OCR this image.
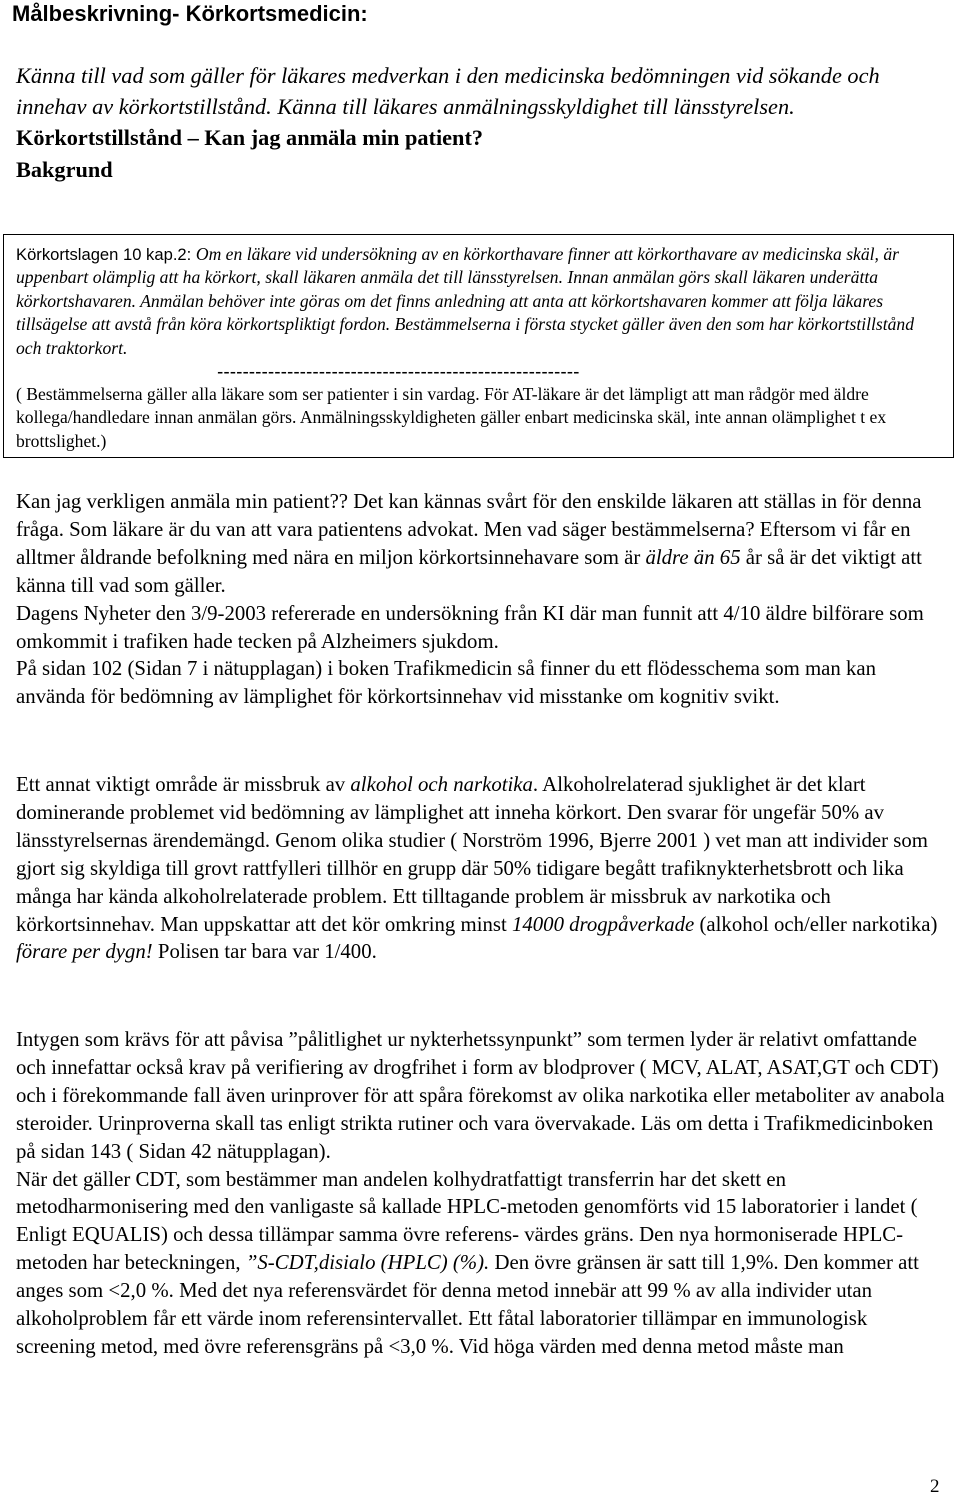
Målbeskrivning- Körkortsmedicin:

Känna till vad som gäller för läkares medverkan i den medicinska bedömningen vid sökande och innehav av körkortstillstånd. Känna till läkares anmälningsskyldighet till länsstyrelsen.

Körkortstillstånd – Kan jag anmäla min patient?

Bakgrund

Körkortslagen 10 kap.2: Om en läkare vid undersökning av en körkorthavare finner att körkorthavare av medicinska skäl, är uppenbart olämplig att ha körkort, skall läkaren anmäla det till länsstyrelsen. Innan anmälan görs skall läkaren underätta körkortshavaren. Anmälan behöver inte göras om det finns anledning att anta att körkortshavaren kommer att följa läkares tillsägelse att avstå från köra körkortspliktigt fordon. Bestämmelserna i första stycket gäller även den som har körkortstillstånd och traktorkort.

---------------------------------------------------------

( Bestämmelserna gäller alla läkare som ser patienter i sin vardag. För AT-läkare är det lämpligt att man rådgör med äldre kollega/handledare innan anmälan görs. Anmälningsskyldigheten gäller enbart medicinska skäl, inte annan olämplighet t ex brottslighet.)

Kan jag verkligen anmäla min patient?? Det kan kännas svårt för den enskilde läkaren att ställas in för denna fråga. Som läkare är du van att vara patientens advokat. Men vad säger bestämmelserna? Eftersom vi får en alltmer åldrande befolkning med nära en miljon körkortsinnehavare som är äldre än 65 år så är det viktigt att känna till vad som gäller.

Dagens Nyheter den 3/9-2003 refererade en undersökning från KI där man funnit att 4/10 äldre bilförare som omkommit i trafiken hade tecken på Alzheimers sjukdom.

På sidan 102 (Sidan 7 i nätupplagan) i boken Trafikmedicin så finner du ett flödesschema som man kan använda för bedömning av lämplighet för körkortsinnehav vid misstanke om kognitiv svikt.

Ett annat viktigt område är missbruk av alkohol och narkotika. Alkoholrelaterad sjuklighet är det klart dominerande problemet vid bedömning av lämplighet att inneha körkort. Den svarar för ungefär 50% av länsstyrelsernas ärendemängd. Genom olika studier ( Norström 1996, Bjerre 2001 ) vet man att individer som gjort sig skyldiga till grovt rattfylleri tillhör en grupp där 50% tidigare begått trafiknykterhetsbrott och lika många har kända alkoholrelaterade problem. Ett tilltagande problem är missbruk av narkotika och körkortsinnehav. Man uppskattar att det kör omkring minst 14000 drogpåverkade (alkohol och/eller narkotika) förare per dygn! Polisen tar bara var 1/400.

Intygen som krävs för att påvisa ”pålitlighet ur nykterhetssynpunkt” som termen lyder är relativt omfattande och innefattar också krav på verifiering av drogfrihet i form av blodprover ( MCV, ALAT, ASAT,GT och CDT) och i förekommande fall även urinprover för att spåra förekomst av olika narkotika eller metaboliter av anabola steroider. Urinproverna skall tas enligt strikta rutiner och vara övervakade. Läs om detta i Trafikmedicinboken på sidan 143 ( Sidan 42 nätupplagan).

När det gäller CDT, som bestämmer man andelen kolhydratfattigt transferrin har det skett en metodharmonisering med den vanligaste så kallade HPLC-metoden genomförts vid 15 laboratorier i landet ( Enligt EQUALIS) och dessa tillämpar samma övre referens- värdes gräns. Den nya hormoniserade HPLC-metoden har beteckningen, ”S-CDT,disialo (HPLC) (%). Den övre gränsen är satt till 1,9%. Den kommer att anges som <2,0 %. Med det nya referensvärdet för denna metod innebär att 99 % av alla individer utan alkoholproblem får ett värde inom referensintervallet. Ett fåtal laboratorier tillämpar en immunologisk screening metod, med övre referensgräns på <3,0 %. Vid höga värden med denna metod måste man

2
